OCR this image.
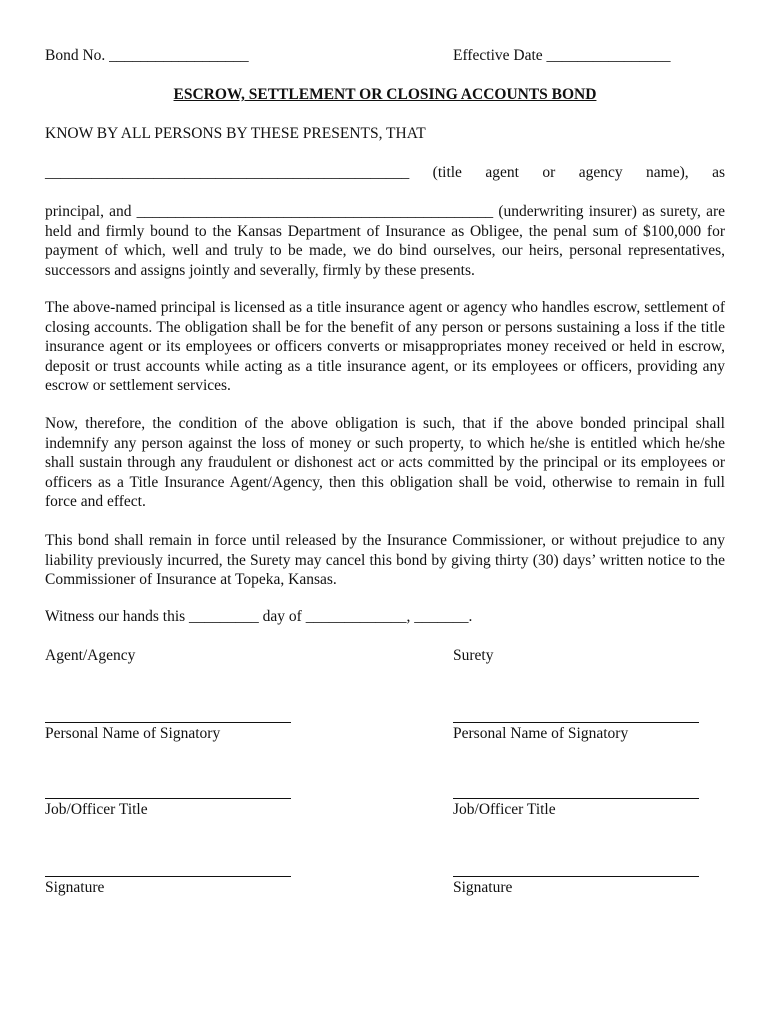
Bond No. __________________	Effective Date ________________
ESCROW, SETTLEMENT OR CLOSING ACCOUNTS BOND
KNOW BY ALL PERSONS BY THESE PRESENTS, THAT
_______________________________________________ (title agent or agency name), as
principal, and ______________________________________________ (underwriting insurer) as surety, are held and firmly bound to the Kansas Department of Insurance as Obligee, the penal sum of $100,000 for payment of which, well and truly to be made, we do bind ourselves, our heirs, personal representatives, successors and assigns jointly and severally, firmly by these presents.
The above-named principal is licensed as a title insurance agent or agency who handles escrow, settlement of closing accounts. The obligation shall be for the benefit of any person or persons sustaining a loss if the title insurance agent or its employees or officers converts or misappropriates money received or held in escrow, deposit or trust accounts while acting as a title insurance agent, or its employees or officers, providing any escrow or settlement services.
Now, therefore, the condition of the above obligation is such, that if the above bonded principal shall indemnify any person against the loss of money or such property, to which he/she is entitled which he/she shall sustain through any fraudulent or dishonest act or acts committed by the principal or its employees or officers as a Title Insurance Agent/Agency, then this obligation shall be void, otherwise to remain in full force and effect.
This bond shall remain in force until released by the Insurance Commissioner, or without prejudice to any liability previously incurred, the Surety may cancel this bond by giving thirty (30) days’ written notice to the Commissioner of Insurance at Topeka, Kansas.
Witness our hands this _________ day of _____________, _______.
Agent/Agency	Surety
Personal Name of Signatory
Job/Officer Title
Signature
Personal Name of Signatory
Job/Officer Title
Signature
